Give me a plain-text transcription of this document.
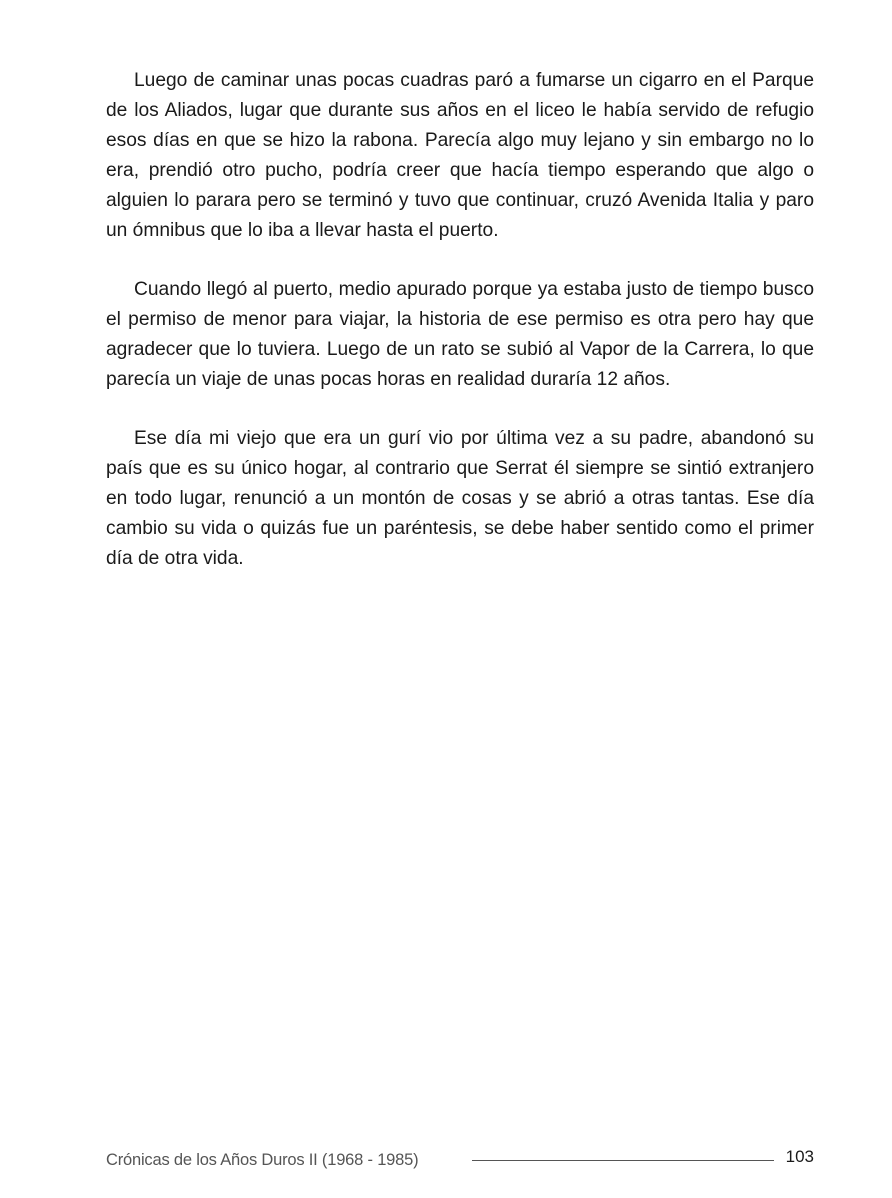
Luego de caminar unas pocas cuadras paró a fumarse un cigarro en el Parque de los Aliados, lugar que durante sus años en el liceo le había servido de refugio esos días en que se hizo la rabona. Parecía algo muy lejano y sin embargo no lo era, prendió otro pucho, podría creer que hacía tiempo esperando que algo o alguien lo parara pero se terminó y tuvo que continuar, cruzó Avenida Italia y paro un ómnibus que lo iba a llevar hasta el puerto.

Cuando llegó al puerto, medio apurado porque ya estaba justo de tiempo busco el permiso de menor para viajar, la historia de ese permiso es otra pero hay que agradecer que lo tuviera. Luego de un rato se subió al Vapor de la Carrera, lo que parecía un viaje de unas pocas horas en realidad duraría 12 años.

Ese día mi viejo que era un gurí vio por última vez a su padre, abandonó su país que es su único hogar, al contrario que Serrat él siempre se sintió extranjero en todo lugar, renunció a un montón de cosas y se abrió a otras tantas. Ese día cambio su vida o quizás fue un paréntesis, se debe haber sentido como el primer día de otra vida.

Crónicas de los Años Duros II (1968 - 1985)	103
